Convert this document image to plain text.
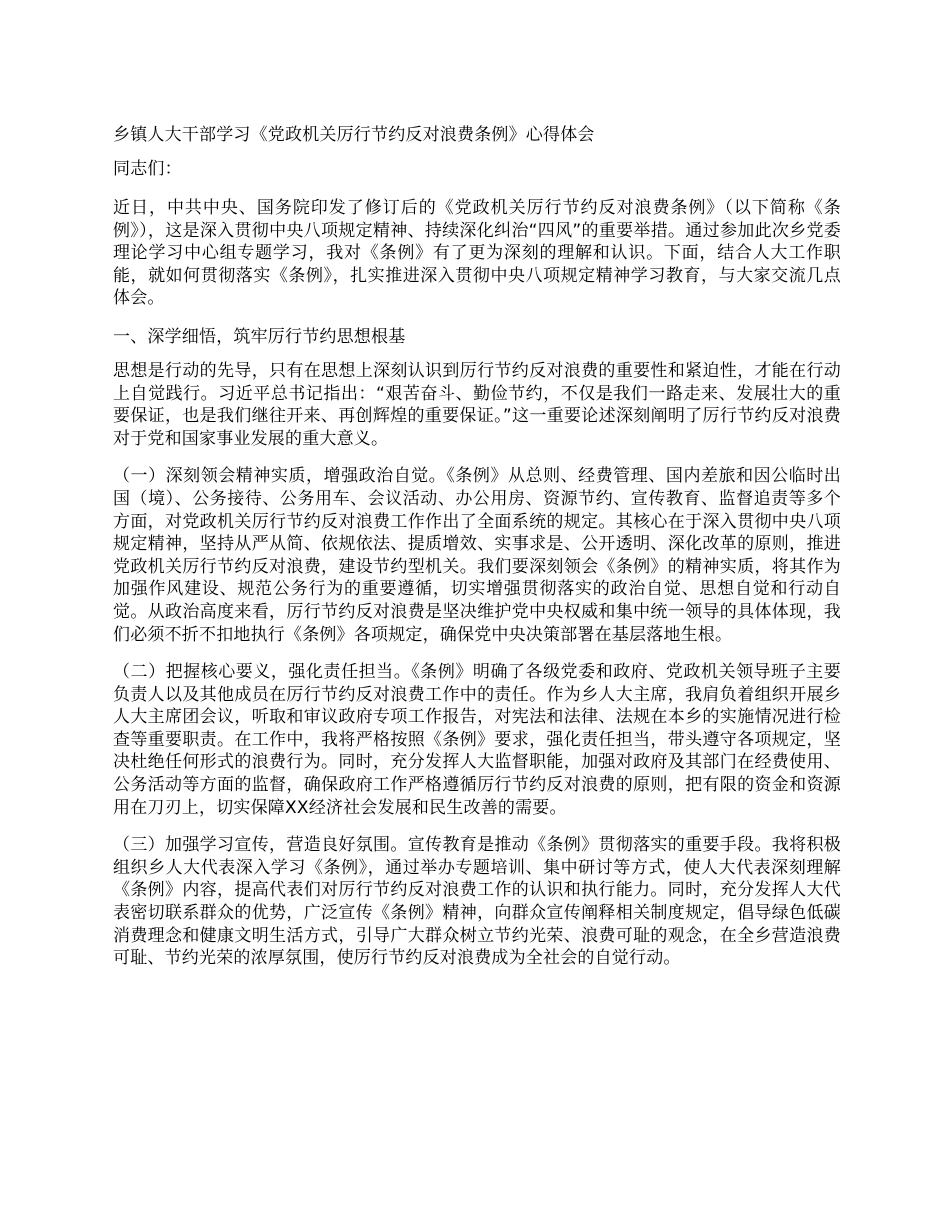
乡镇人大干部学习《党政机关厉行节约反对浪费条例》心得体会
同志们：
近日，中共中央、国务院印发了修订后的《党政机关厉行节约反对浪费条例》（以下简称《条例》），这是深入贯彻中央八项规定精神、持续深化纠治“四风”的重要举措。通过参加此次乡党委理论学习中心组专题学习，我对《条例》有了更为深刻的理解和认识。下面，结合人大工作职能，就如何贯彻落实《条例》，扎实推进深入贯彻中央八项规定精神学习教育，与大家交流几点体会。
一、深学细悟，筑牢厉行节约思想根基
思想是行动的先导，只有在思想上深刻认识到厉行节约反对浪费的重要性和紧迫性，才能在行动上自觉践行。习近平总书记指出：“艰苦奋斗、勤俭节约，不仅是我们一路走来、发展壮大的重要保证，也是我们继往开来、再创辉煌的重要保证。”这一重要论述深刻阐明了厉行节约反对浪费对于党和国家事业发展的重大意义。
（一）深刻领会精神实质，增强政治自觉。《条例》从总则、经费管理、国内差旅和因公临时出国（境）、公务接待、公务用车、会议活动、办公用房、资源节约、宣传教育、监督追责等多个方面，对党政机关厉行节约反对浪费工作作出了全面系统的规定。其核心在于深入贯彻中央八项规定精神，坚持从严从简、依规依法、提质增效、实事求是、公开透明、深化改革的原则，推进党政机关厉行节约反对浪费，建设节约型机关。我们要深刻领会《条例》的精神实质，将其作为加强作风建设、规范公务行为的重要遵循，切实增强贯彻落实的政治自觉、思想自觉和行动自觉。从政治高度来看，厉行节约反对浪费是坚决维护党中央权威和集中统一领导的具体体现，我们必须不折不扣地执行《条例》各项规定，确保党中央决策部署在基层落地生根。
（二）把握核心要义，强化责任担当。《条例》明确了各级党委和政府、党政机关领导班子主要负责人以及其他成员在厉行节约反对浪费工作中的责任。作为乡人大主席，我肩负着组织开展乡人大主席团会议，听取和审议政府专项工作报告，对宪法和法律、法规在本乡的实施情况进行检查等重要职责。在工作中，我将严格按照《条例》要求，强化责任担当，带头遵守各项规定，坚决杜绝任何形式的浪费行为。同时，充分发挥人大监督职能，加强对政府及其部门在经费使用、公务活动等方面的监督，确保政府工作严格遵循厉行节约反对浪费的原则，把有限的资金和资源用在刀刃上，切实保障XX经济社会发展和民生改善的需要。
（三）加强学习宣传，营造良好氛围。宣传教育是推动《条例》贯彻落实的重要手段。我将积极组织乡人大代表深入学习《条例》，通过举办专题培训、集中研讨等方式，使人大代表深刻理解《条例》内容，提高代表们对厉行节约反对浪费工作的认识和执行能力。同时，充分发挥人大代表密切联系群众的优势，广泛宣传《条例》精神，向群众宣传阐释相关制度规定，倡导绿色低碳消费理念和健康文明生活方式，引导广大群众树立节约光荣、浪费可耻的观念，在全乡营造浪费可耻、节约光荣的浓厚氛围，使厉行节约反对浪费成为全社会的自觉行动。
